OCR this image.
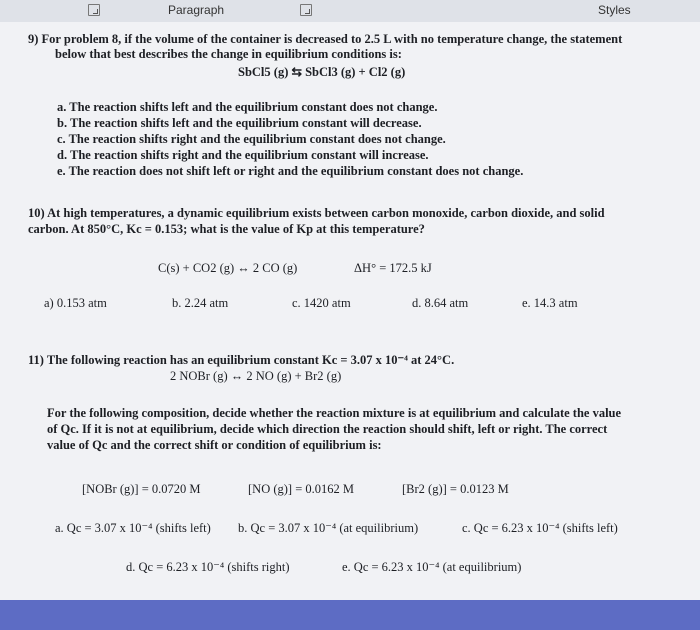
Paragraph	Styles
9) For problem 8, if the volume of the container is decreased to 2.5 L with no temperature change, the statement
below that best describes the change in equilibrium conditions is:
SbCl5 (g) ⇆ SbCl3 (g) + Cl2 (g)
a. The reaction shifts left and the equilibrium constant does not change.
b. The reaction shifts left and the equilibrium constant will decrease.
c. The reaction shifts right and the equilibrium constant does not change.
d. The reaction shifts right and the equilibrium constant will increase.
e. The reaction does not shift left or right and the equilibrium constant does not change.
10) At high temperatures, a dynamic equilibrium exists between carbon monoxide, carbon dioxide, and solid
carbon. At 850°C, Kc = 0.153; what is the value of Kp at this temperature?
C(s) + CO2 (g) ↔ 2 CO (g)	ΔH° = 172.5 kJ
a) 0.153 atm	b. 2.24 atm	c. 1420 atm	d. 8.64 atm	e. 14.3 atm
11) The following reaction has an equilibrium constant Kc = 3.07 x 10⁻⁴ at 24°C.
2 NOBr (g) ↔ 2 NO (g) + Br2 (g)
For the following composition, decide whether the reaction mixture is at equilibrium and calculate the value
of Qc. If it is not at equilibrium, decide which direction the reaction should shift, left or right. The correct
value of Qc and the correct shift or condition of equilibrium is:
[NOBr (g)] = 0.0720 M	[NO (g)] = 0.0162 M	[Br2 (g)] = 0.0123 M
a. Qc = 3.07 x 10⁻⁴ (shifts left) b. Qc = 3.07 x 10⁻⁴ (at equilibrium)	c. Qc = 6.23 x 10⁻⁴ (shifts left)
d. Qc = 6.23 x 10⁻⁴ (shifts right)	e. Qc = 6.23 x 10⁻⁴ (at equilibrium)
